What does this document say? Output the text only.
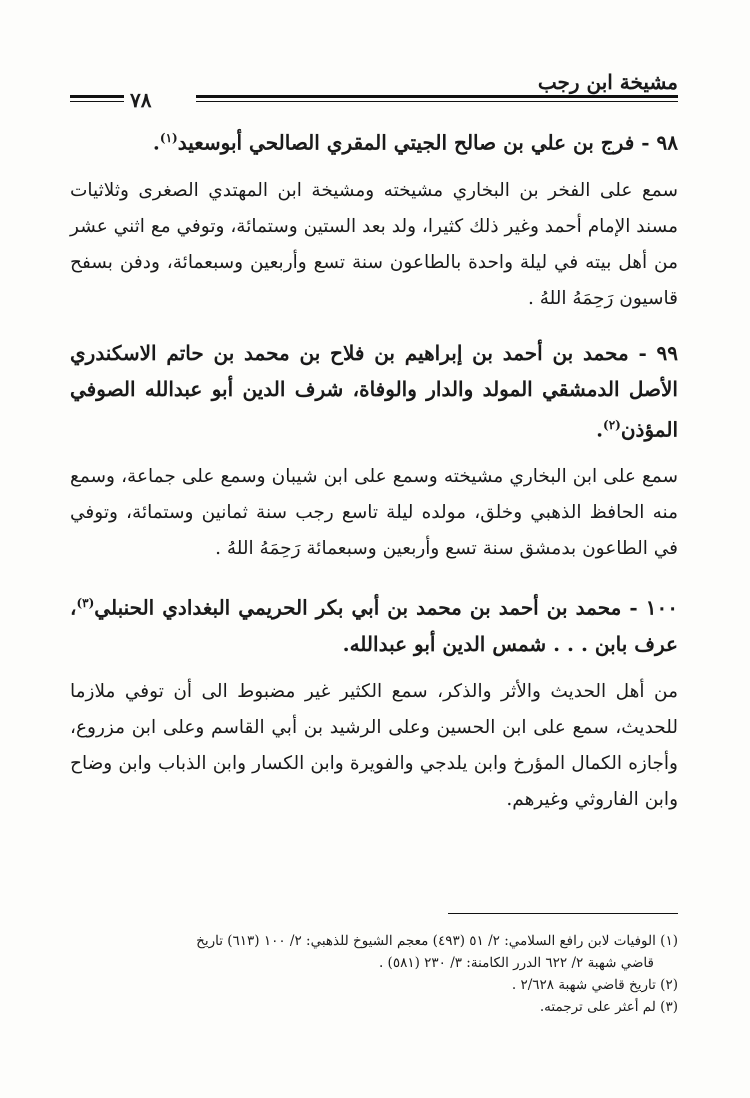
مشيخة ابن رجب
٧٨

٩٨ - فرج بن علي بن صالح الجيتي المقري الصالحي أبوسعيد$^{(١)}$.

سمع على الفخر بن البخاري مشيخته ومشيخة ابن المهتدي الصغرى وثلاثيات مسند الإمام أحمد وغير ذلك كثيرا، ولد بعد الستين وستمائة، وتوفي مع اثني عشر من أهل بيته في ليلة واحدة بالطاعون سنة تسع وأربعين وسبعمائة، ودفن بسفح قاسيون رَحِمَهُ اللهُ .

٩٩ - محمد بن أحمد بن إبراهيم بن فلاح بن محمد بن حاتم الاسكندري الأصل الدمشقي المولد والدار والوفاة، شرف الدين أبو عبدالله الصوفي المؤذن$^{(٢)}$.

سمع على ابن البخاري مشيخته وسمع على ابن شيبان وسمع على جماعة، وسمع منه الحافظ الذهبي وخلق، مولده ليلة تاسع رجب سنة ثمانين وستمائة، وتوفي في الطاعون بدمشق سنة تسع وأربعين وسبعمائة رَحِمَهُ اللهُ .

١٠٠ - محمد بن أحمد بن محمد بن أبي بكر الحريمي البغدادي الحنبلي$^{(٣)}$، عرف بابن . . . شمس الدين أبو عبدالله.

من أهل الحديث والأثر والذكر، سمع الكثير غير مضبوط الى أن توفي ملازما للحديث، سمع على ابن الحسين وعلى الرشيد بن أبي القاسم وعلى ابن مزروع، وأجازه الكمال المؤرخ وابن يلدجي والفويرة وابن الكسار وابن الذباب وابن وضاح وابن الفاروثي وغيرهم.

(١) الوفيات لابن رافع السلامي: ٢/ ٥١ (٤٩٣) معجم الشيوخ للذهبي: ٢/ ١٠٠ (٦١٣) تاريخ

قاضي شهبة ٢/ ٦٢٢ الدرر الكامنة: ٣/ ٢٣٠ (٥٨١) .

(٢) تاريخ قاضي شهبة ٢/٦٢٨ .

(٣) لم أعثر على ترجمته.
